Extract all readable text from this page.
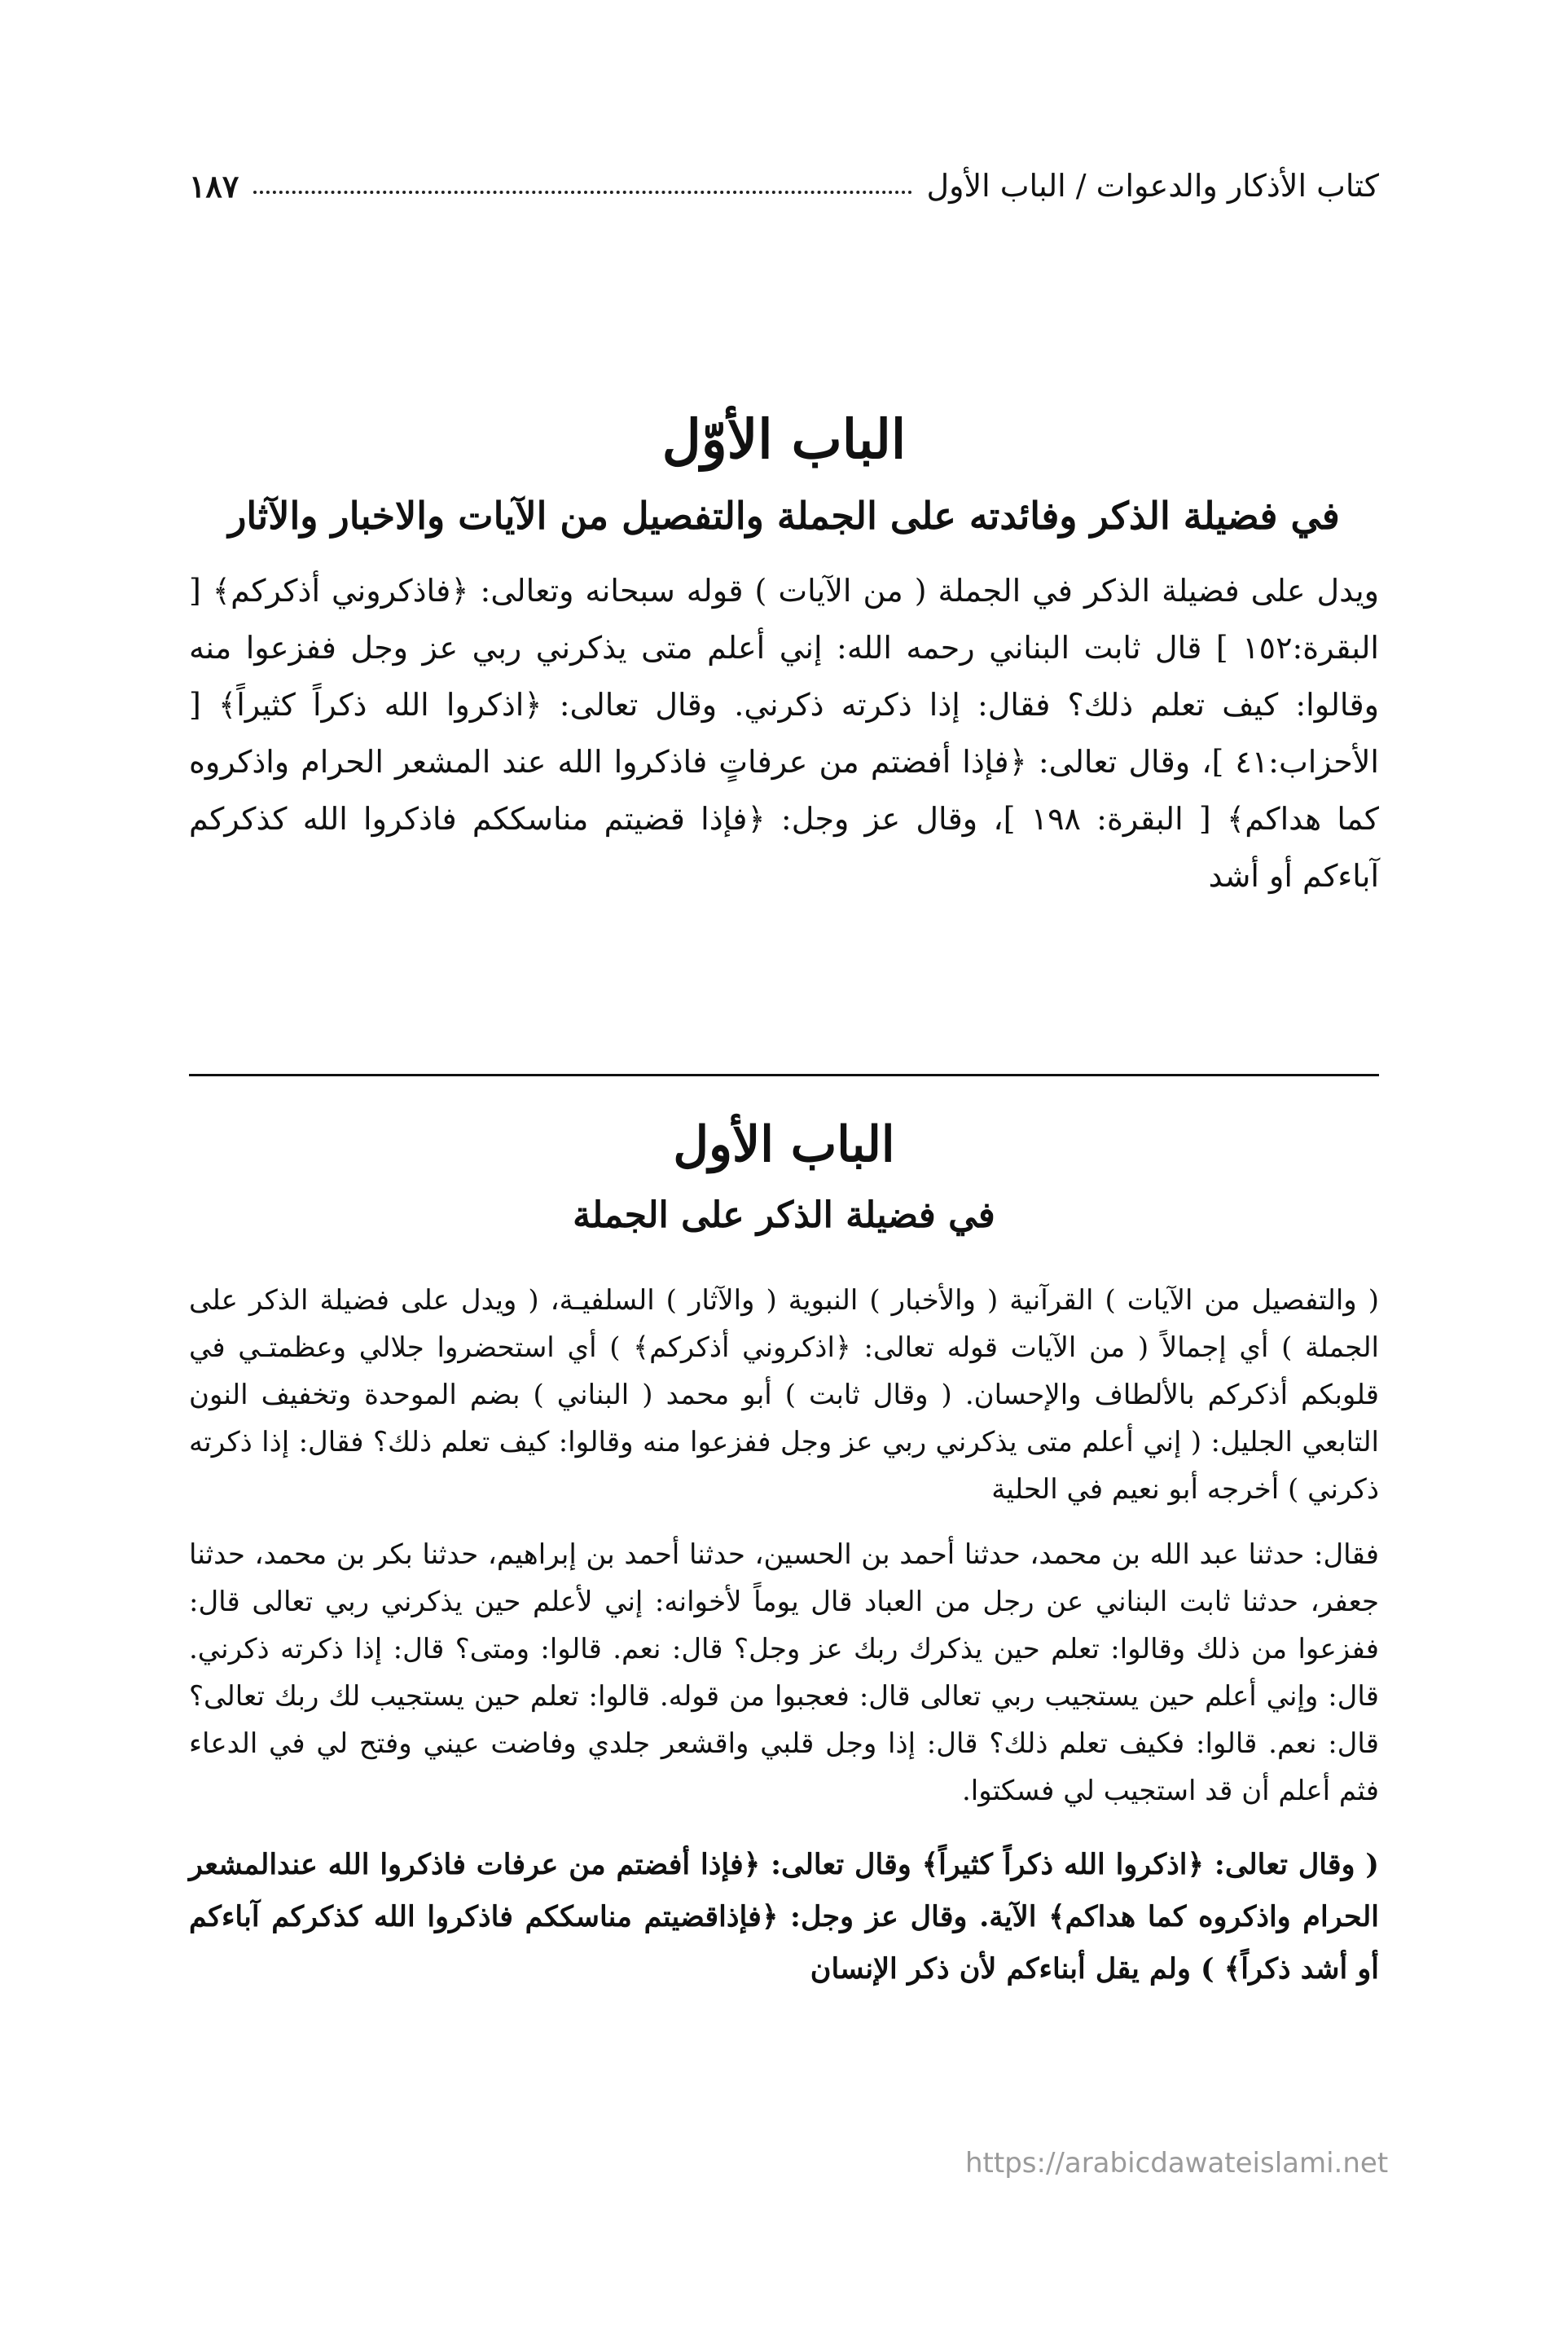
كتاب الأذكار والدعوات / الباب الأول
١٨٧
الباب الأوّل
في فضيلة الذكر وفائدته على الجملة والتفصيل من الآيات والاخبار والآثار

ويدل على فضيلة الذكر في الجملة ( من الآيات ) قوله سبحانه وتعالى: ﴿فاذكروني أذكركم﴾ [ البقرة:١٥٢ ] قال ثابت البناني رحمه الله: إني أعلم متى يذكرني ربي عز وجل ففزعوا منه وقالوا: كيف تعلم ذلك؟ فقال: إذا ذكرته ذكرني. وقال تعالى: ﴿اذكروا الله ذكراً كثيراً﴾ [ الأحزاب:٤١ ]، وقال تعالى: ﴿فإذا أفضتم من عرفاتٍ فاذكروا الله عند المشعر الحرام واذكروه كما هداكم﴾ [ البقرة: ١٩٨ ]، وقال عز وجل: ﴿فإذا قضيتم مناسككم فاذكروا الله كذكركم آباءكم أو أشد

الباب الأول
في فضيلة الذكر على الجملة

( والتفصيل من الآيات ) القرآنية ( والأخبار ) النبوية ( والآثار ) السلفيـة، ( ويدل على فضيلة الذكر على الجملة ) أي إجمالاً ( من الآيات قوله تعالى: ﴿اذكروني أذكركم﴾ ) أي استحضروا جلالي وعظمتـي في قلوبكم أذكركم بالألطاف والإحسان. ( وقال ثابت ) أبو محمد ( البناني ) بضم الموحدة وتخفيف النون التابعي الجليل: ( إني أعلم متى يذكرني ربي عز وجل ففزعوا منه وقالوا: كيف تعلم ذلك؟ فقال: إذا ذكرته ذكرني ) أخرجه أبو نعيم في الحلية

فقال: حدثنا عبد الله بن محمد، حدثنا أحمد بن الحسين، حدثنا أحمد بن إبراهيم، حدثنا بكر بن محمد، حدثنا جعفر، حدثنا ثابت البناني عن رجل من العباد قال يوماً لأخوانه: إني لأعلم حين يذكرني ربي تعالى قال: ففزعوا من ذلك وقالوا: تعلم حين يذكرك ربك عز وجل؟ قال: نعم. قالوا: ومتى؟ قال: إذا ذكرته ذكرني. قال: وإني أعلم حين يستجيب ربي تعالى قال: فعجبوا من قوله. قالوا: تعلم حين يستجيب لك ربك تعالى؟ قال: نعم. قالوا: فكيف تعلم ذلك؟ قال: إذا وجل قلبي واقشعر جلدي وفاضت عيني وفتح لي في الدعاء فثم أعلم أن قد استجيب لي فسكتوا.

( وقال تعالى: ﴿اذكروا الله ذكراً كثيراً﴾ وقال تعالى: ﴿فإذا أفضتم من عرفات فاذكروا الله عندالمشعر الحرام واذكروه كما هداكم﴾ الآية. وقال عز وجل: ﴿فإذاقضيتم مناسككم فاذكروا الله كذكركم آباءكم أو أشد ذكراً﴾ ) ولم يقل أبناءكم لأن ذكر الإنسان

https://arabicdawateislami.net
